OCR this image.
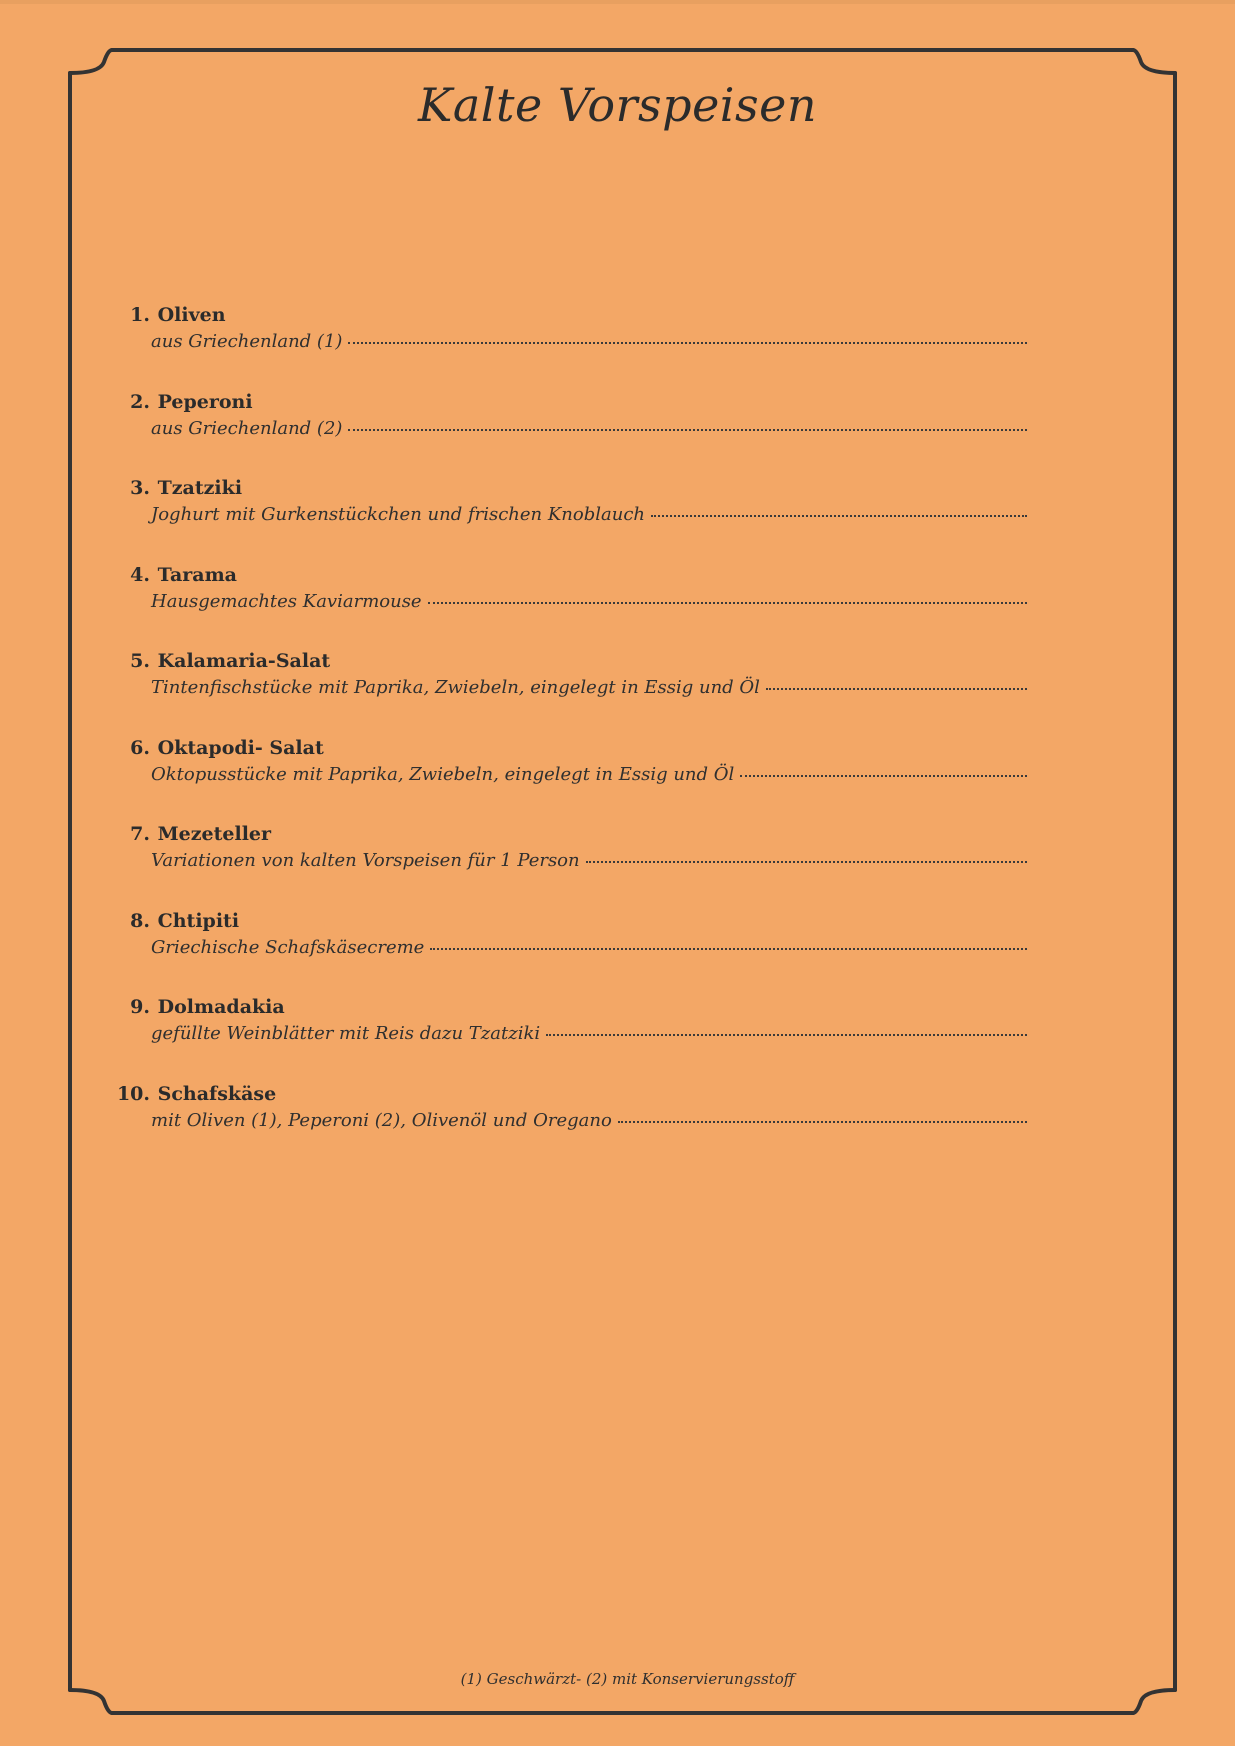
Kalte Vorspeisen
1. Oliven
aus Griechenland (1)
2. Peperoni
aus Griechenland (2)
3. Tzatziki
Joghurt mit Gurkenstückchen und frischen Knoblauch
4. Tarama
Hausgemachtes Kaviarmouse
5. Kalamaria-Salat
Tintenfischstücke mit Paprika, Zwiebeln, eingelegt in Essig und Öl
6. Oktapodi- Salat
Oktopusstücke mit Paprika, Zwiebeln, eingelegt in Essig und Öl
7. Mezeteller
Variationen von kalten Vorspeisen für 1 Person
8. Chtipiti
Griechische Schafskäsecreme
9. Dolmadakia
gefüllte Weinblätter mit Reis dazu Tzatziki
10. Schafskäse
mit Oliven (1), Peperoni (2), Olivenöl und Oregano
(1) Geschwärzt- (2) mit Konservierungsstoff
